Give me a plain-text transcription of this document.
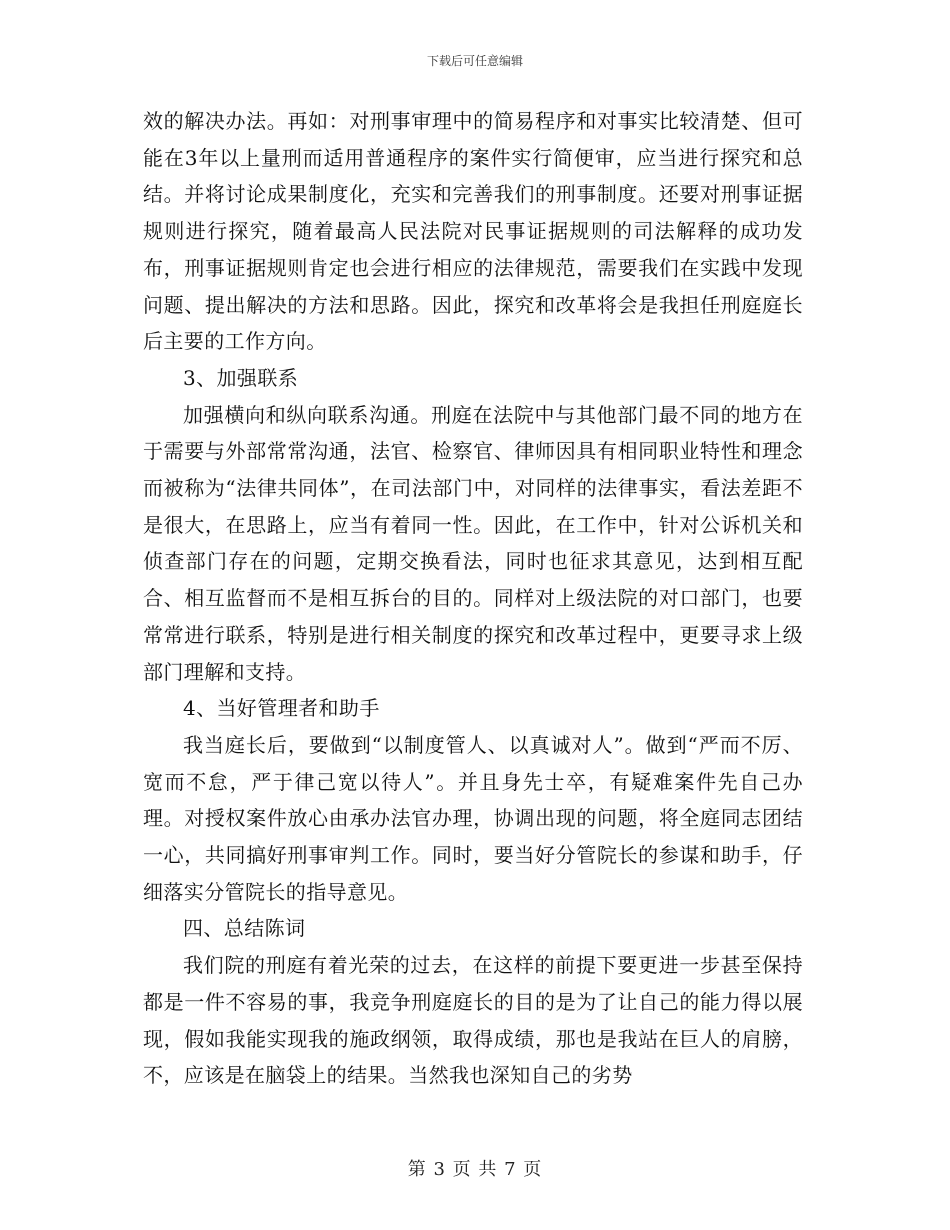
下载后可任意编辑

效的解决办法。再如：对刑事审理中的简易程序和对事实比较清楚、但可能在3年以上量刑而适用普通程序的案件实行简便审，应当进行探究和总结。并将讨论成果制度化，充实和完善我们的刑事制度。还要对刑事证据规则进行探究，随着最高人民法院对民事证据规则的司法解释的成功发布，刑事证据规则肯定也会进行相应的法律规范，需要我们在实践中发现问题、提出解决的方法和思路。因此，探究和改革将会是我担任刑庭庭长后主要的工作方向。

3、加强联系

加强横向和纵向联系沟通。刑庭在法院中与其他部门最不同的地方在于需要与外部常常沟通，法官、检察官、律师因具有相同职业特性和理念而被称为“法律共同体”，在司法部门中，对同样的法律事实，看法差距不是很大，在思路上，应当有着同一性。因此，在工作中，针对公诉机关和侦查部门存在的问题，定期交换看法，同时也征求其意见，达到相互配合、相互监督而不是相互拆台的目的。同样对上级法院的对口部门，也要常常进行联系，特别是进行相关制度的探究和改革过程中，更要寻求上级部门理解和支持。

4、当好管理者和助手

我当庭长后，要做到“以制度管人、以真诚对人”。做到“严而不厉、宽而不怠，严于律己宽以待人”。并且身先士卒，有疑难案件先自己办理。对授权案件放心由承办法官办理，协调出现的问题，将全庭同志团结一心，共同搞好刑事审判工作。同时，要当好分管院长的参谋和助手，仔细落实分管院长的指导意见。

四、总结陈词

我们院的刑庭有着光荣的过去，在这样的前提下要更进一步甚至保持都是一件不容易的事，我竞争刑庭庭长的目的是为了让自己的能力得以展现，假如我能实现我的施政纲领，取得成绩，那也是我站在巨人的肩膀，不，应该是在脑袋上的结果。当然我也深知自己的劣势

第 3 页 共 7 页
